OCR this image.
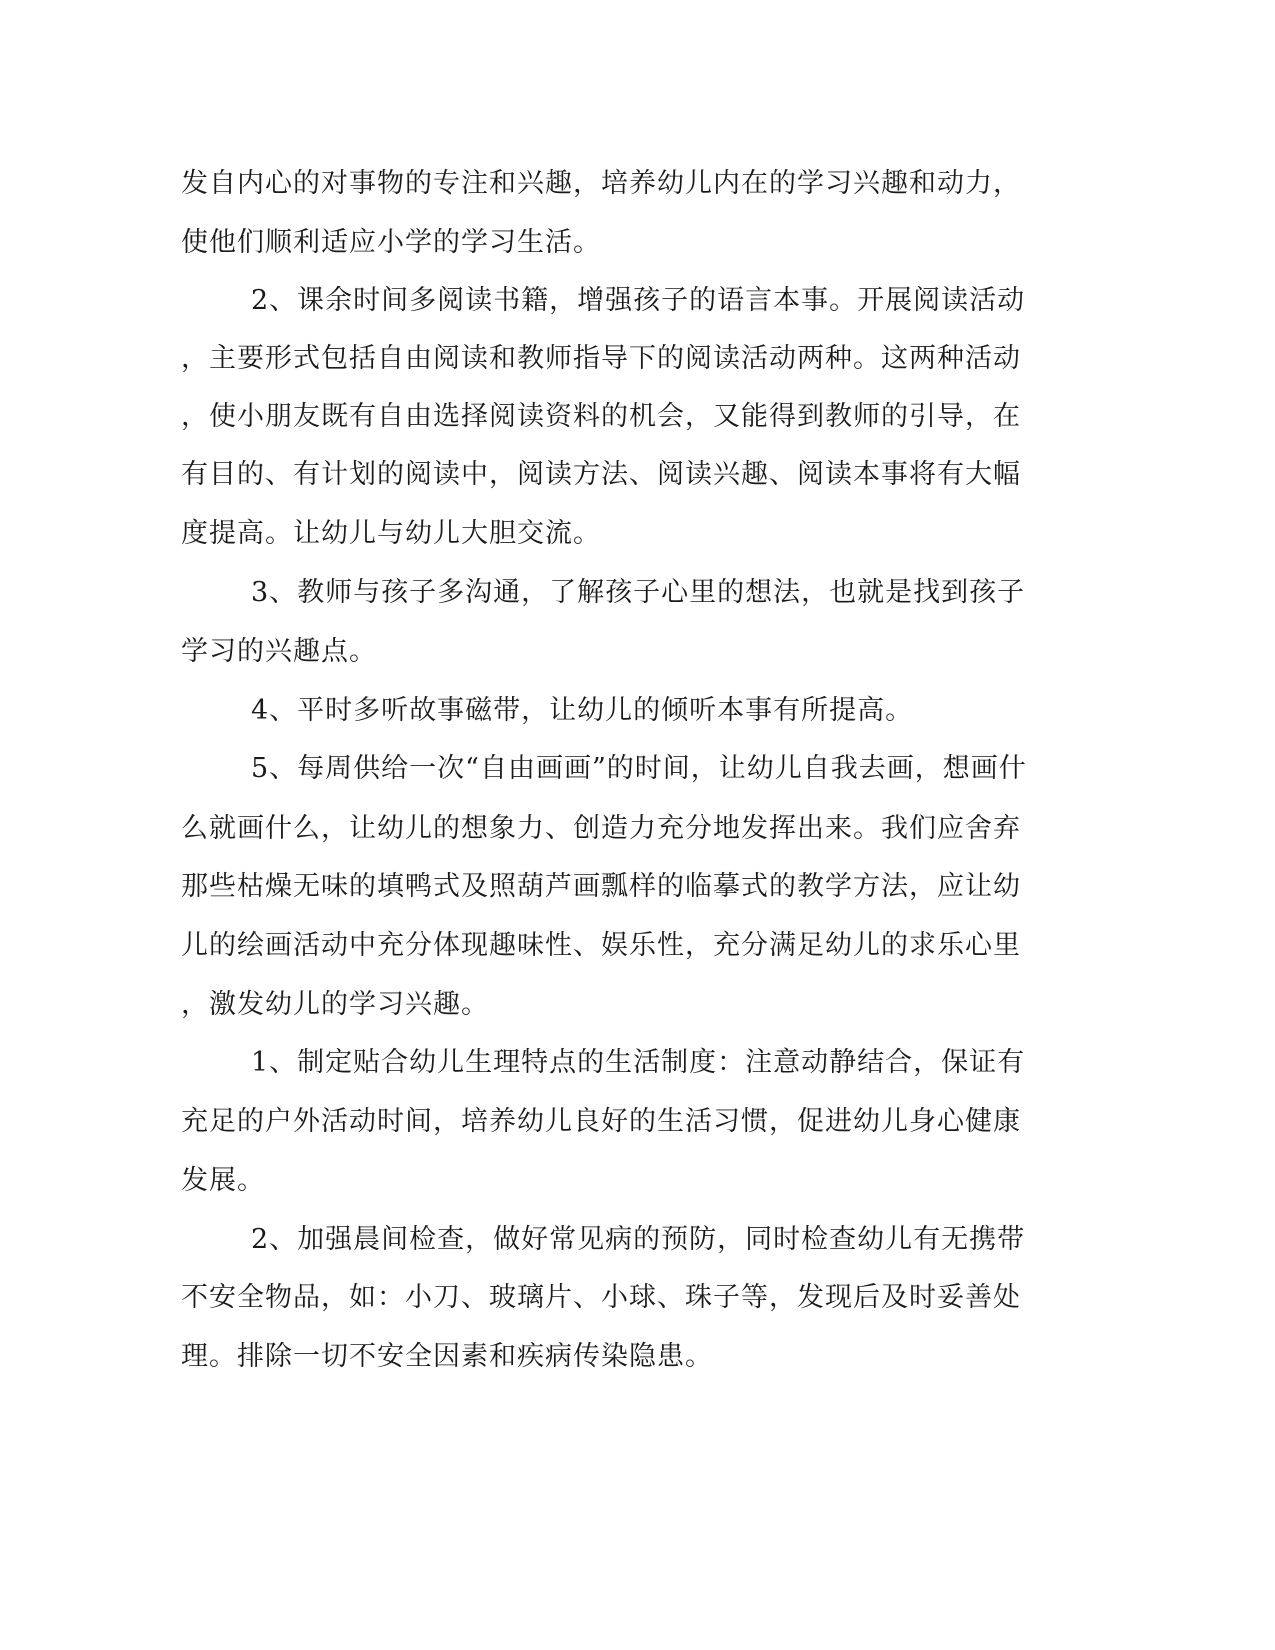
发自内心的对事物的专注和兴趣，培养幼儿内在的学习兴趣和动力，

使他们顺利适应小学的学习生活。

2、课余时间多阅读书籍，增强孩子的语言本事。开展阅读活动

，主要形式包括自由阅读和教师指导下的阅读活动两种。这两种活动

，使小朋友既有自由选择阅读资料的机会，又能得到教师的引导，在

有目的、有计划的阅读中，阅读方法、阅读兴趣、阅读本事将有大幅

度提高。让幼儿与幼儿大胆交流。

3、教师与孩子多沟通，了解孩子心里的想法，也就是找到孩子

学习的兴趣点。

4、平时多听故事磁带，让幼儿的倾听本事有所提高。

5、每周供给一次“自由画画”的时间，让幼儿自我去画，想画什

么就画什么，让幼儿的想象力、创造力充分地发挥出来。我们应舍弃

那些枯燥无味的填鸭式及照葫芦画瓢样的临摹式的教学方法，应让幼

儿的绘画活动中充分体现趣味性、娱乐性，充分满足幼儿的求乐心里

，激发幼儿的学习兴趣。

1、制定贴合幼儿生理特点的生活制度：注意动静结合，保证有

充足的户外活动时间，培养幼儿良好的生活习惯，促进幼儿身心健康

发展。

2、加强晨间检查，做好常见病的预防，同时检查幼儿有无携带

不安全物品，如：小刀、玻璃片、小球、珠子等，发现后及时妥善处

理。排除一切不安全因素和疾病传染隐患。
